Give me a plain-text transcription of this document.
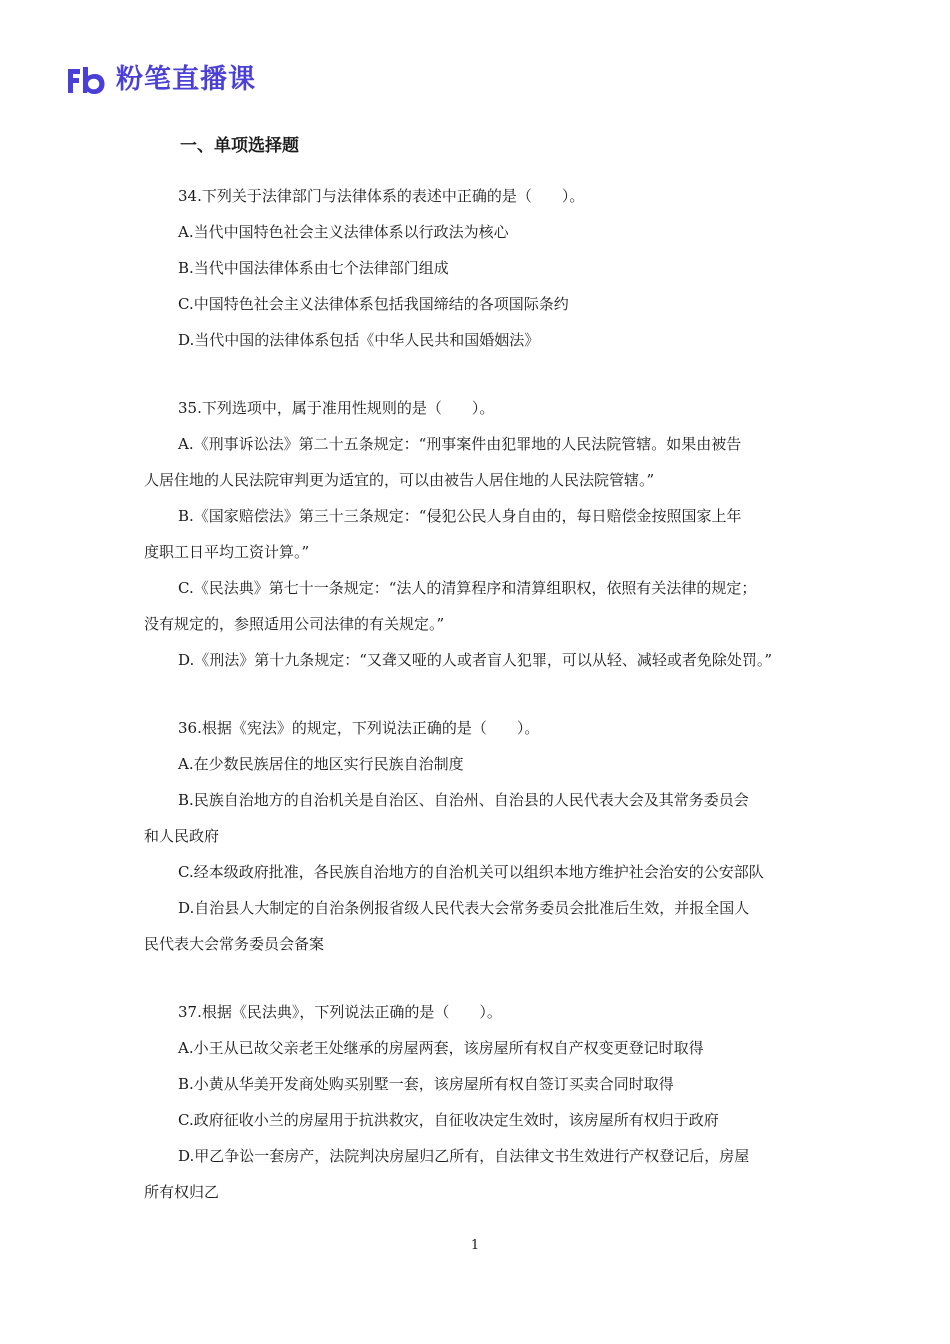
粉笔直播课
一、单项选择题
34.下列关于法律部门与法律体系的表述中正确的是（　　）。
A.当代中国特色社会主义法律体系以行政法为核心
B.当代中国法律体系由七个法律部门组成
C.中国特色社会主义法律体系包括我国缔结的各项国际条约
D.当代中国的法律体系包括《中华人民共和国婚姻法》
35.下列选项中，属于准用性规则的是（　　）。
A.《刑事诉讼法》第二十五条规定：“刑事案件由犯罪地的人民法院管辖。如果由被告
人居住地的人民法院审判更为适宜的，可以由被告人居住地的人民法院管辖。”
B.《国家赔偿法》第三十三条规定：“侵犯公民人身自由的，每日赔偿金按照国家上年
度职工日平均工资计算。”
C.《民法典》第七十一条规定：“法人的清算程序和清算组职权，依照有关法律的规定；
没有规定的，参照适用公司法律的有关规定。”
D.《刑法》第十九条规定：“又聋又哑的人或者盲人犯罪，可以从轻、减轻或者免除处罚。”
36.根据《宪法》的规定，下列说法正确的是（　　）。
A.在少数民族居住的地区实行民族自治制度
B.民族自治地方的自治机关是自治区、自治州、自治县的人民代表大会及其常务委员会
和人民政府
C.经本级政府批准，各民族自治地方的自治机关可以组织本地方维护社会治安的公安部队
D.自治县人大制定的自治条例报省级人民代表大会常务委员会批准后生效，并报全国人
民代表大会常务委员会备案
37.根据《民法典》，下列说法正确的是（　　）。
A.小王从已故父亲老王处继承的房屋两套，该房屋所有权自产权变更登记时取得
B.小黄从华美开发商处购买别墅一套，该房屋所有权自签订买卖合同时取得
C.政府征收小兰的房屋用于抗洪救灾，自征收决定生效时，该房屋所有权归于政府
D.甲乙争讼一套房产，法院判决房屋归乙所有，自法律文书生效进行产权登记后，房屋
所有权归乙
1
